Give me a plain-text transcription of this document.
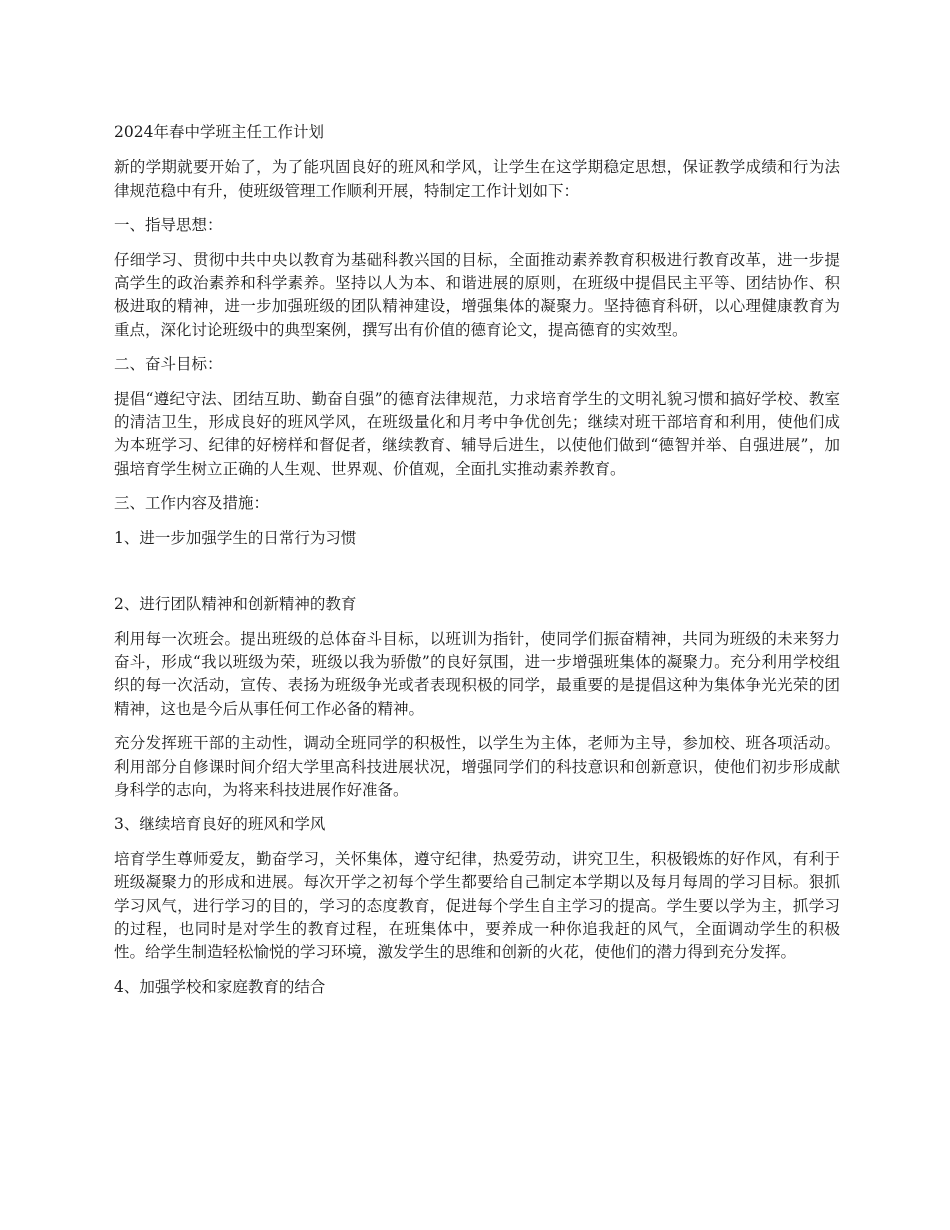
2024年春中学班主任工作计划

新的学期就要开始了，为了能巩固良好的班风和学风，让学生在这学期稳定思想，保证教学成绩和行为法律规范稳中有升，使班级管理工作顺利开展，特制定工作计划如下：

一、指导思想：

仔细学习、贯彻中共中央以教育为基础科教兴国的目标，全面推动素养教育积极进行教育改革，进一步提高学生的政治素养和科学素养。坚持以人为本、和谐进展的原则，在班级中提倡民主平等、团结协作、积极进取的精神，进一步加强班级的团队精神建设，增强集体的凝聚力。坚持德育科研，以心理健康教育为重点，深化讨论班级中的典型案例，撰写出有价值的德育论文，提高德育的实效型。

二、奋斗目标：

提倡“遵纪守法、团结互助、勤奋自强”的德育法律规范，力求培育学生的文明礼貌习惯和搞好学校、教室的清洁卫生，形成良好的班风学风，在班级量化和月考中争优创先；继续对班干部培育和利用，使他们成为本班学习、纪律的好榜样和督促者，继续教育、辅导后进生，以使他们做到“德智并举、自强进展”，加强培育学生树立正确的人生观、世界观、价值观，全面扎实推动素养教育。

三、工作内容及措施：

1、进一步加强学生的日常行为习惯

2、进行团队精神和创新精神的教育

利用每一次班会。提出班级的总体奋斗目标，以班训为指针，使同学们振奋精神，共同为班级的未来努力奋斗，形成“我以班级为荣，班级以我为骄傲”的良好氛围，进一步增强班集体的凝聚力。充分利用学校组织的每一次活动，宣传、表扬为班级争光或者表现积极的同学，最重要的是提倡这种为集体争光光荣的团精神，这也是今后从事任何工作必备的精神。

充分发挥班干部的主动性，调动全班同学的积极性，以学生为主体，老师为主导，参加校、班各项活动。利用部分自修课时间介绍大学里高科技进展状况，增强同学们的科技意识和创新意识，使他们初步形成献身科学的志向，为将来科技进展作好准备。

3、继续培育良好的班风和学风

培育学生尊师爱友，勤奋学习，关怀集体，遵守纪律，热爱劳动，讲究卫生，积极锻炼的好作风，有利于班级凝聚力的形成和进展。每次开学之初每个学生都要给自己制定本学期以及每月每周的学习目标。狠抓学习风气，进行学习的目的，学习的态度教育，促进每个学生自主学习的提高。学生要以学为主，抓学习的过程，也同时是对学生的教育过程，在班集体中，要养成一种你追我赶的风气，全面调动学生的积极性。给学生制造轻松愉悦的学习环境，激发学生的思维和创新的火花，使他们的潜力得到充分发挥。

4、加强学校和家庭教育的结合
